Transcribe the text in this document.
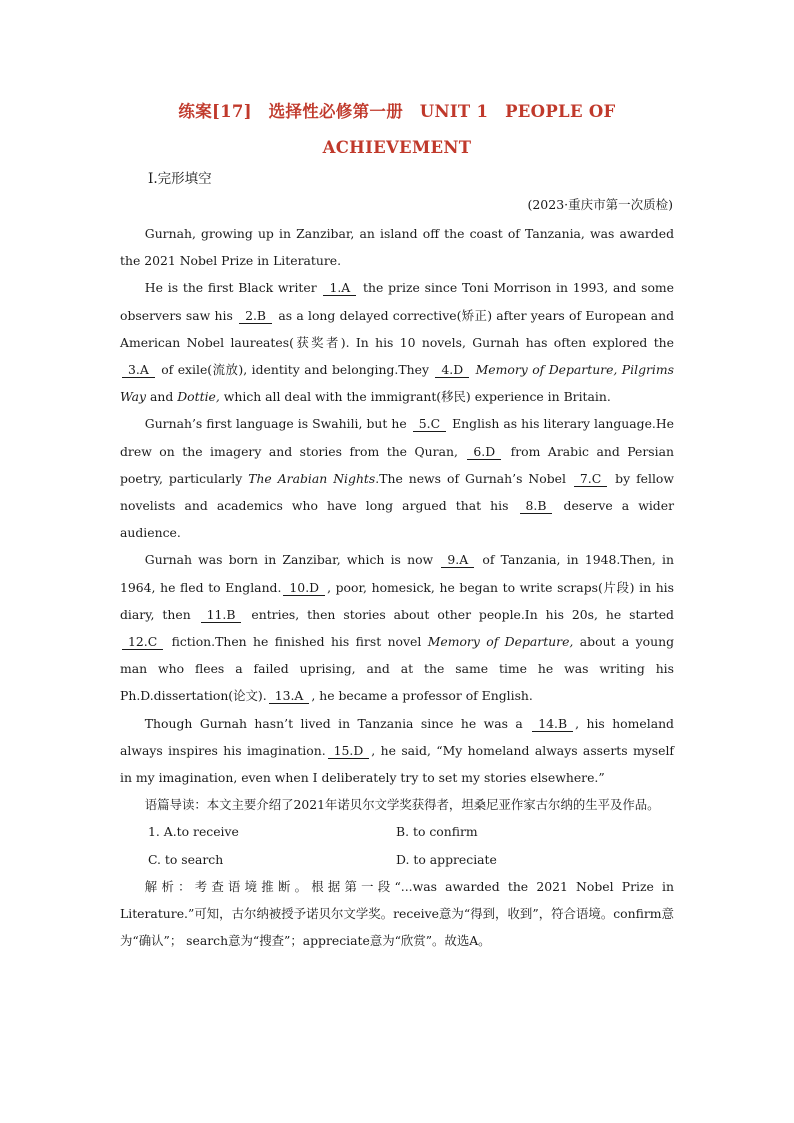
练案[17]　选择性必修第一册　UNIT 1　PEOPLE OF
ACHIEVEMENT
Ⅰ.完形填空
(2023·重庆市第一次质检)

Gurnah, growing up in Zanzibar, an island off the coast of Tanzania, was awarded the 2021 Nobel Prize in Literature.

He is the first Black writer 1.A the prize since Toni Morrison in 1993, and some observers saw his 2.B as a long delayed corrective(矫正) after years of European and American Nobel laureates(获奖者). In his 10 novels, Gurnah has often explored the 3.A of exile(流放), identity and belonging.They 4.D Memory of Departure, Pilgrims Way and Dottie, which all deal with the immigrant(移民) experience in Britain.

Gurnah’s first language is Swahili, but he 5.C English as his literary language.He drew on the imagery and stories from the Quran, 6.D from Arabic and Persian poetry, particularly The Arabian Nights.The news of Gurnah’s Nobel 7.C by fellow novelists and academics who have long argued that his 8.B deserve a wider audience.

Gurnah was born in Zanzibar, which is now 9.A of Tanzania, in 1948.Then, in 1964, he fled to England. 10.D , poor, homesick, he began to write scraps(片段) in his diary, then 11.B entries, then stories about other people.In his 20s, he started 12.C fiction.Then he finished his first novel Memory of Departure, about a young man who flees a failed uprising, and at the same time he was writing his Ph.D.dissertation(论文). 13.A , he became a professor of English.

Though Gurnah hasn’t lived in Tanzania since he was a 14.B , his homeland always inspires his imagination. 15.D , he said, “My homeland always asserts myself in my imagination, even when I deliberately try to set my stories elsewhere.”

语篇导读：本文主要介绍了2021年诺贝尔文学奖获得者，坦桑尼亚作家古尔纳的生平及作品。

1. A.to receive	B. to confirm
C. to search	D. to appreciate

解析：考查语境推断。根据第一段“...was awarded the 2021 Nobel Prize in Literature.”可知，古尔纳被授予诺贝尔文学奖。receive意为“得到，收到”，符合语境。confirm意为“确认”； search意为“搜查”；appreciate意为“欣赏”。故选A。
